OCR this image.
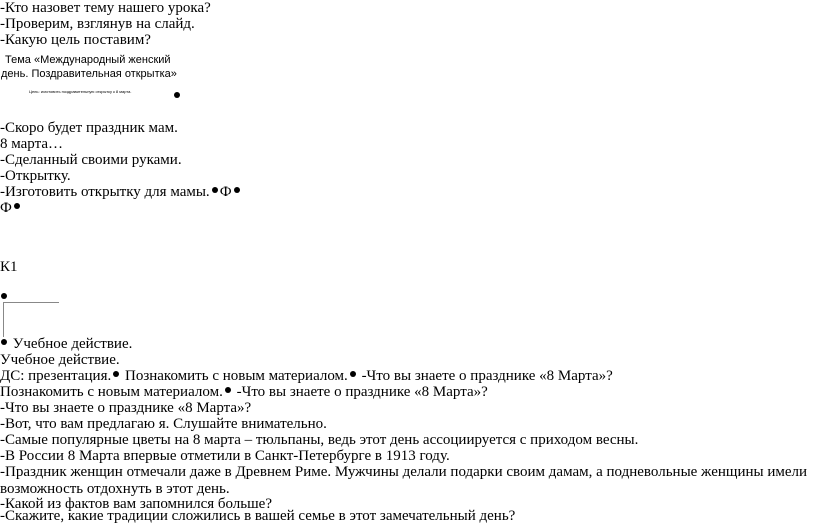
-Кто назовет тему нашего урока?
-Проверим, взглянув на слайд.
-Какую цель поставим?
Тема «Международный женский день. Поздравительная открытка»
Цель: изготовить поздравительную открытку к 8 марта.
-Скоро будет праздник мам.
8 марта…
-Сделанный своими руками.
-Открытку.
-Изготовить открытку для мамы. Ф
Ф
К1
Учебное действие.
Учебное действие.
ДС: презентация. Познакомить с новым материалом. -Что вы знаете о празднике «8 Марта»?
Познакомить с новым материалом. -Что вы знаете о празднике «8 Марта»?
-Что вы знаете о празднике «8 Марта»?
-Вот, что вам предлагаю я. Слушайте внимательно.
-Самые популярные цветы на 8 марта – тюльпаны, ведь этот день ассоциируется с приходом весны.
-В России 8 Марта впервые отметили в Санкт-Петербурге в 1913 году.
-Праздник женщин отмечали даже в Древнем Риме. Мужчины делали подарки своим дамам, а подневольные женщины имели возможность отдохнуть в этот день.
-Какой из фактов вам запомнился больше?
-Скажите, какие традиции сложились в вашей семье в этот замечательный день?
